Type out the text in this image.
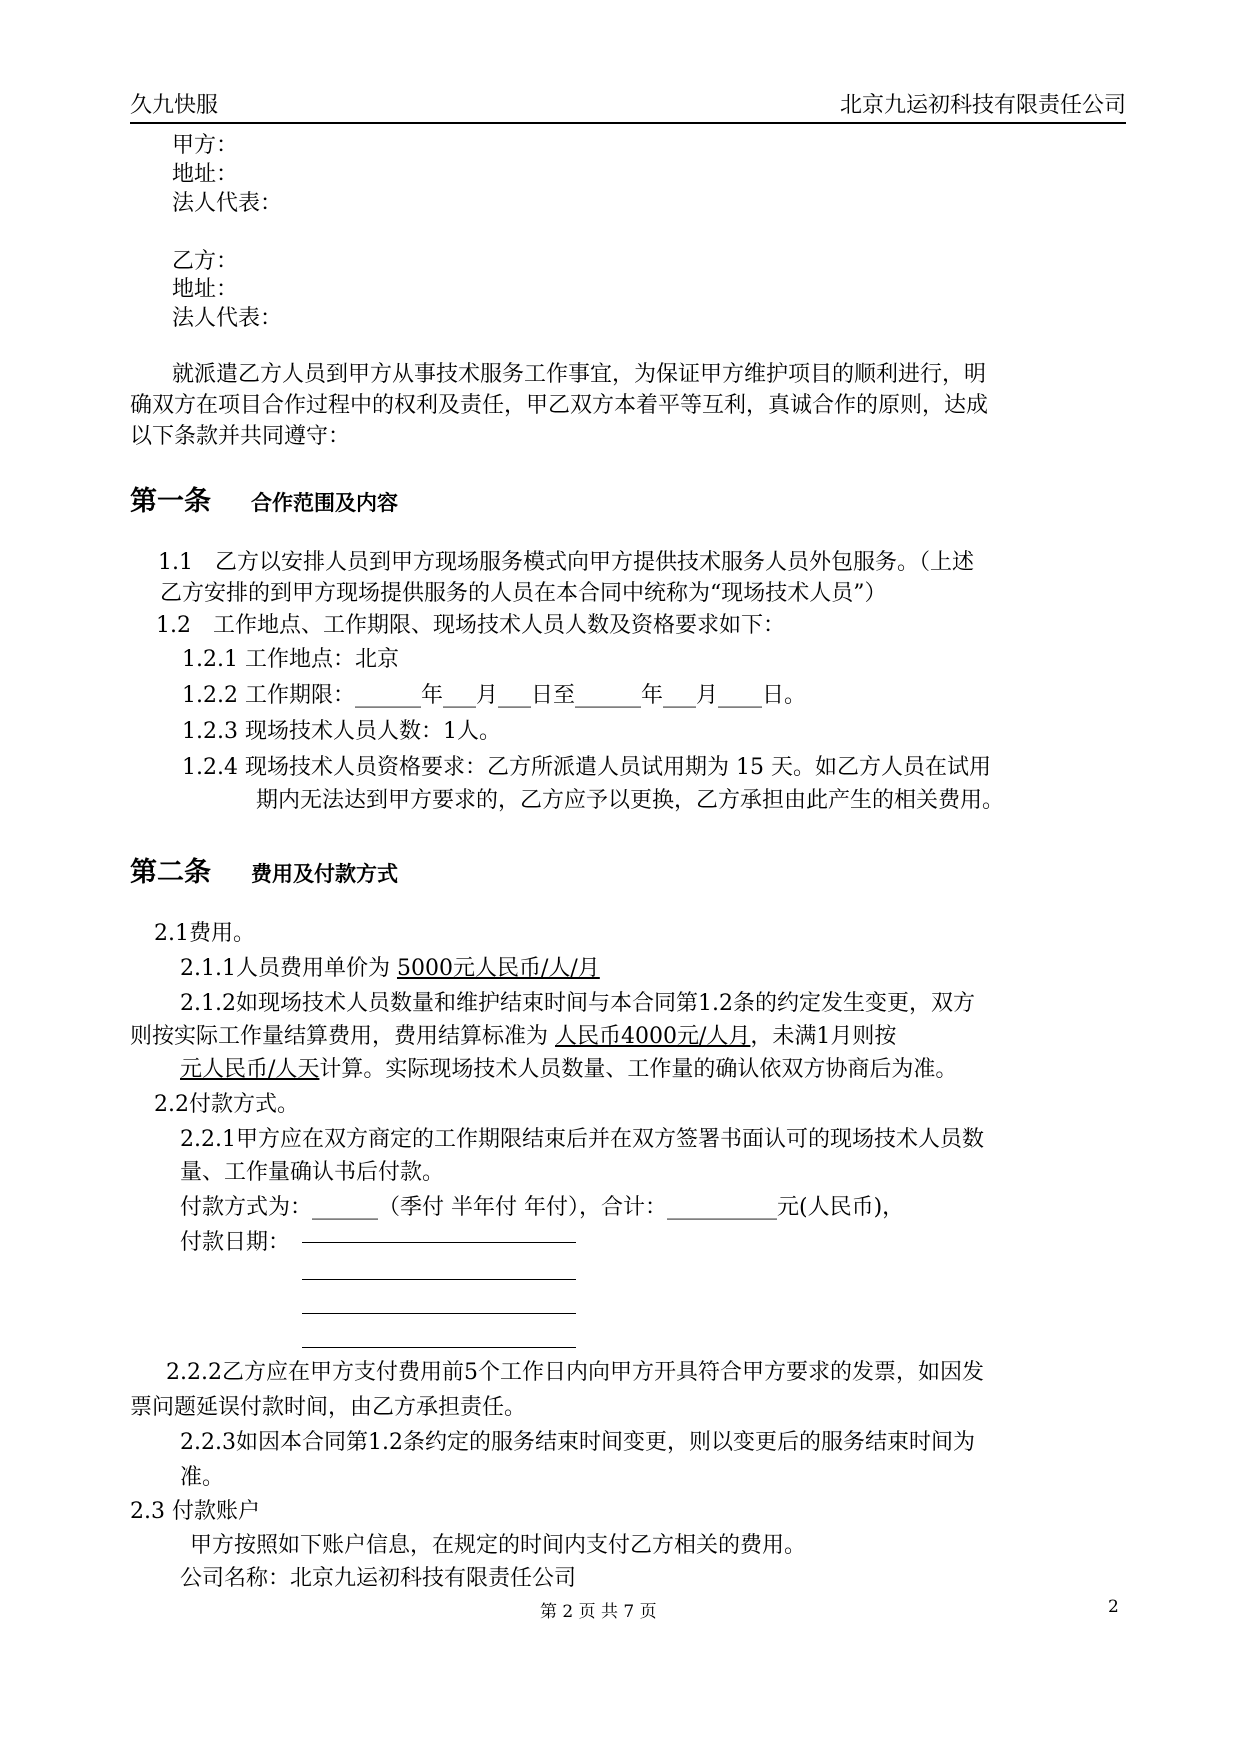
久九快服	北京九运初科技有限责任公司
甲方：
地址：
法人代表：
乙方：
地址：
法人代表：
就派遣乙方人员到甲方从事技术服务工作事宜，为保证甲方维护项目的顺利进行，明
确双方在项目合作过程中的权利及责任，甲乙双方本着平等互利，真诚合作的原则，达成
以下条款并共同遵守：
第一条 合作范围及内容
1.1　乙方以安排人员到甲方现场服务模式向甲方提供技术服务人员外包服务。（上述
乙方安排的到甲方现场提供服务的人员在本合同中统称为“现场技术人员”）
1.2　工作地点、工作期限、现场技术人员人数及资格要求如下：
1.2.1 工作地点：北京
1.2.2 工作期限：______年___月___日至______年___月____日。
1.2.3 现场技术人员人数：1人。
1.2.4 现场技术人员资格要求：乙方所派遣人员试用期为 15 天。如乙方人员在试用
期内无法达到甲方要求的，乙方应予以更换，乙方承担由此产生的相关费用。
第二条 费用及付款方式
2.1费用。
2.1.1人员费用单价为 5000元人民币/人/月
2.1.2如现场技术人员数量和维护结束时间与本合同第1.2条的约定发生变更，双方
则按实际工作量结算费用，费用结算标准为 人民币4000元/人月，未满1月则按
元人民币/人天计算。实际现场技术人员数量、工作量的确认依双方协商后为准。
2.2付款方式。
2.2.1甲方应在双方商定的工作期限结束后并在双方签署书面认可的现场技术人员数
量、工作量确认书后付款。
付款方式为：______（季付 半年付 年付），合计：__________元(人民币)，
付款日期：
2.2.2乙方应在甲方支付费用前5个工作日内向甲方开具符合甲方要求的发票，如因发
票问题延误付款时间，由乙方承担责任。
2.2.3如因本合同第1.2条约定的服务结束时间变更，则以变更后的服务结束时间为
准。
2.3 付款账户
甲方按照如下账户信息，在规定的时间内支付乙方相关的费用。
公司名称：北京九运初科技有限责任公司
第 2 页 共 7 页	2
